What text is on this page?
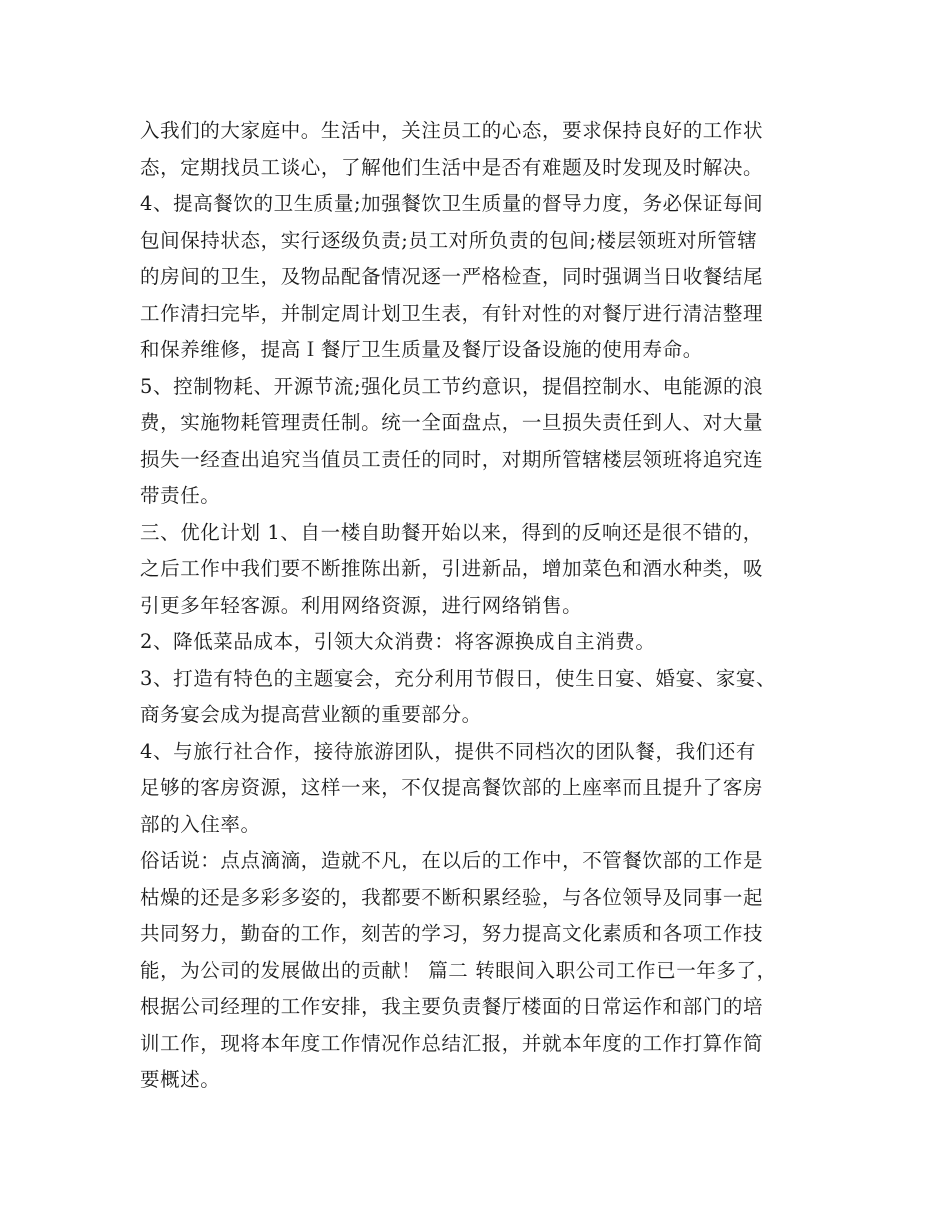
入我们的大家庭中。生活中，关注员工的心态，要求保持良好的工作状
态，定期找员工谈心，了解他们生活中是否有难题及时发现及时解决。
4、提高餐饮的卫生质量;加强餐饮卫生质量的督导力度，务必保证每间
包间保持状态，实行逐级负责;员工对所负责的包间;楼层领班对所管辖
的房间的卫生，及物品配备情况逐一严格检查，同时强调当日收餐结尾
工作清扫完毕，并制定周计划卫生表，有针对性的对餐厅进行清洁整理
和保养维修，提高Ｉ餐厅卫生质量及餐厅设备设施的使用寿命。
5、控制物耗、开源节流;强化员工节约意识，提倡控制水、电能源的浪
费，实施物耗管理责任制。统一全面盘点，一旦损失责任到人、对大量
损失一经查出追究当值员工责任的同时，对期所管辖楼层领班将追究连
带责任。
三、优化计划 1、自一楼自助餐开始以来，得到的反响还是很不错的，
之后工作中我们要不断推陈出新，引进新品，增加菜色和酒水种类，吸
引更多年轻客源。利用网络资源，进行网络销售。
2、降低菜品成本，引领大众消费：将客源换成自主消费。
3、打造有特色的主题宴会，充分利用节假日，使生日宴、婚宴、家宴、
商务宴会成为提高营业额的重要部分。
4、与旅行社合作，接待旅游团队，提供不同档次的团队餐，我们还有
足够的客房资源，这样一来，不仅提高餐饮部的上座率而且提升了客房
部的入住率。
俗话说：点点滴滴，造就不凡，在以后的工作中，不管餐饮部的工作是
枯燥的还是多彩多姿的，我都要不断积累经验，与各位领导及同事一起
共同努力，勤奋的工作，刻苦的学习，努力提高文化素质和各项工作技
能，为公司的发展做出的贡献！ 篇二 转眼间入职公司工作已一年多了，
根据公司经理的工作安排，我主要负责餐厅楼面的日常运作和部门的培
训工作，现将本年度工作情况作总结汇报，并就本年度的工作打算作简
要概述。
